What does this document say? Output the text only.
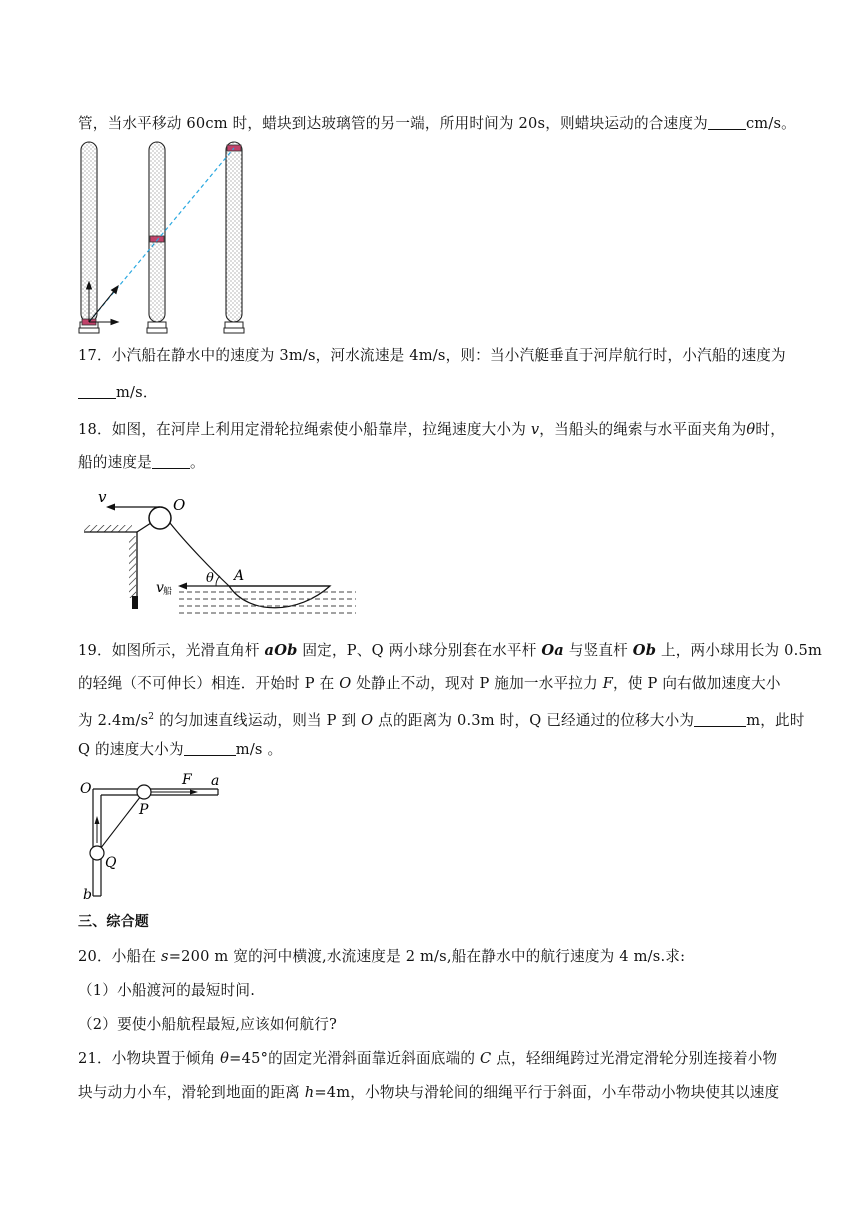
管，当水平移动 60cm 时，蜡块到达玻璃管的另一端，所用时间为 20s，则蜡块运动的合速度为	cm/s。
17．小汽船在静水中的速度为 3m/s，河水流速是 4m/s，则：当小汽艇垂直于河岸航行时，小汽船的速度为
m/s．
18．如图，在河岸上利用定滑轮拉绳索使小船靠岸，拉绳速度大小为 v，当船头的绳索与水平面夹角为θ时，
船的速度是	。
v	O
v 船
θ A
19．如图所示，光滑直角杆 aOb 固定，P、Q 两小球分别套在水平杆 Oa 与竖直杆 Ob 上，两小球用长为 0.5m
的轻绳（不可伸长）相连．开始时 P 在 O 处静止不动，现对 P 施加一水平拉力 F，使 P 向右做加速度大小
为 $2.4m/s^2$ 的匀加速直线运动，则当 P 到 O 点的距离为 0.3m 时，Q 已经通过的位移大小为	m，此时
Q 的速度大小为	m/s 。
O
F a
P
Q
b
三、综合题
20．小船在 s=200 m 宽的河中横渡,水流速度是 2 m/s,船在静水中的航行速度为 4 m/s.求:
（1）小船渡河的最短时间.
（2）要使小船航程最短,应该如何航行?
21．小物块置于倾角 θ=45°的固定光滑斜面靠近斜面底端的 C 点，轻细绳跨过光滑定滑轮分别连接着小物
块与动力小车，滑轮到地面的距离 h=4m，小物块与滑轮间的细绳平行于斜面，小车带动小物块使其以速度
